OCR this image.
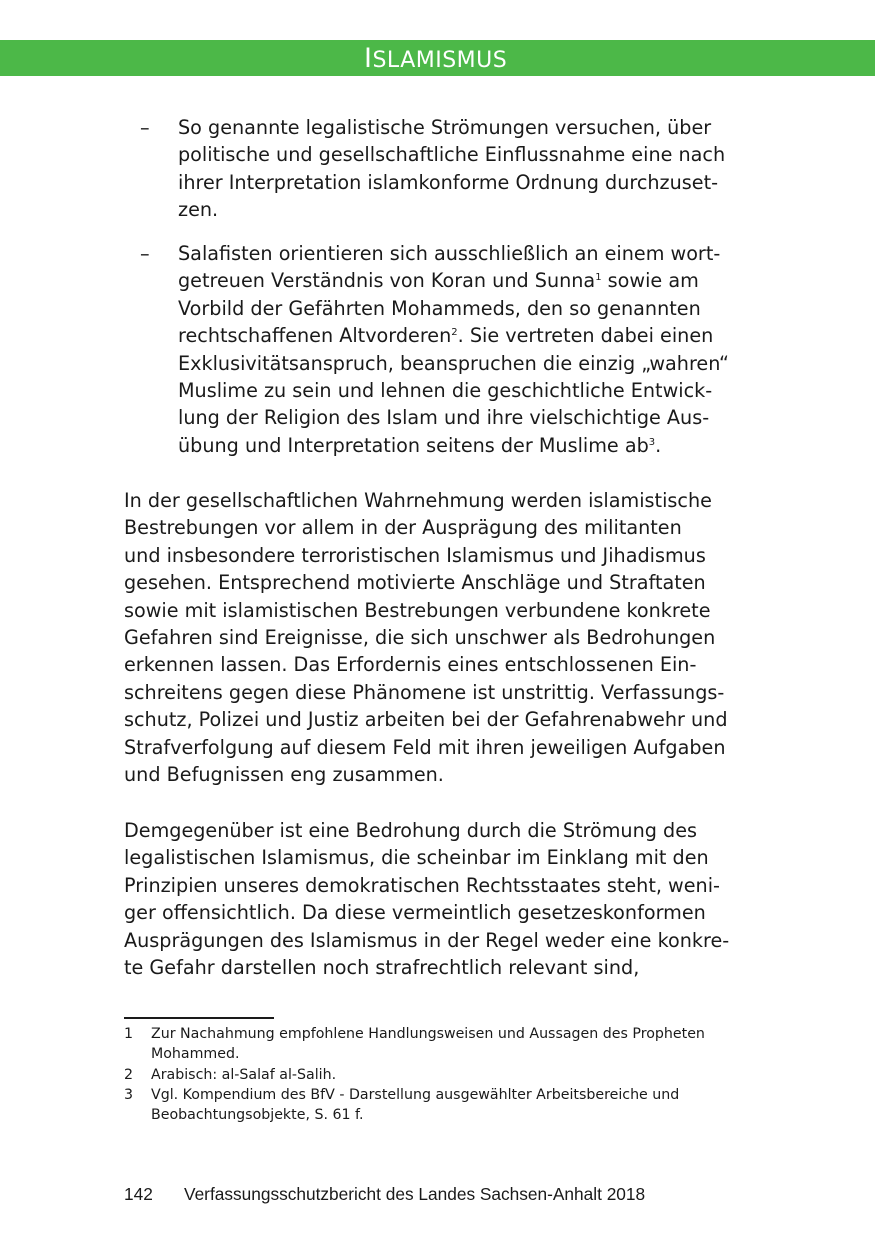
ISLAMISMUS
– So genannte legalistische Strömungen versuchen, über
politische und gesellschaftliche Einflussnahme eine nach
ihrer Interpretation islamkonforme Ordnung durchzuset-
zen.
– Salafisten orientieren sich ausschließlich an einem wort-
getreuen Verständnis von Koran und Sunna$^1$ sowie am
Vorbild der Gefährten Mohammeds, den so genannten
rechtschaffenen Altvorderen$^2$. Sie vertreten dabei einen
Exklusivitätsanspruch, beanspruchen die einzig „wahren“
Muslime zu sein und lehnen die geschichtliche Entwick-
lung der Religion des Islam und ihre vielschichtige Aus-
übung und Interpretation seitens der Muslime $ab^3$.
In der gesellschaftlichen Wahrnehmung werden islamistische
Bestrebungen vor allem in der Ausprägung des militanten
und insbesondere terroristischen Islamismus und Jihadismus
gesehen. Entsprechend motivierte Anschläge und Straftaten
sowie mit islamistischen Bestrebungen verbundene konkrete
Gefahren sind Ereignisse, die sich unschwer als Bedrohungen
erkennen lassen. Das Erfordernis eines entschlossenen Ein-
schreitens gegen diese Phänomene ist unstrittig. Verfassungs-
schutz, Polizei und Justiz arbeiten bei der Gefahrenabwehr und
Strafverfolgung auf diesem Feld mit ihren jeweiligen Aufgaben
und Befugnissen eng zusammen.
Demgegenüber ist eine Bedrohung durch die Strömung des
legalistischen Islamismus, die scheinbar im Einklang mit den
Prinzipien unseres demokratischen Rechtsstaates steht, weni-
ger offensichtlich. Da diese vermeintlich gesetzeskonformen
Ausprägungen des Islamismus in der Regel weder eine konkre-
te Gefahr darstellen noch strafrechtlich relevant sind,
1 Zur Nachahmung empfohlene Handlungsweisen und Aussagen des Propheten
Mohammed.
2 Arabisch: al-Salaf al-Salih.
3 Vgl. Kompendium des BfV - Darstellung ausgewählter Arbeitsbereiche und
Beobachtungsobjekte, S. 61 f.
142 Verfassungsschutzbericht des Landes Sachsen-Anhalt 2018
